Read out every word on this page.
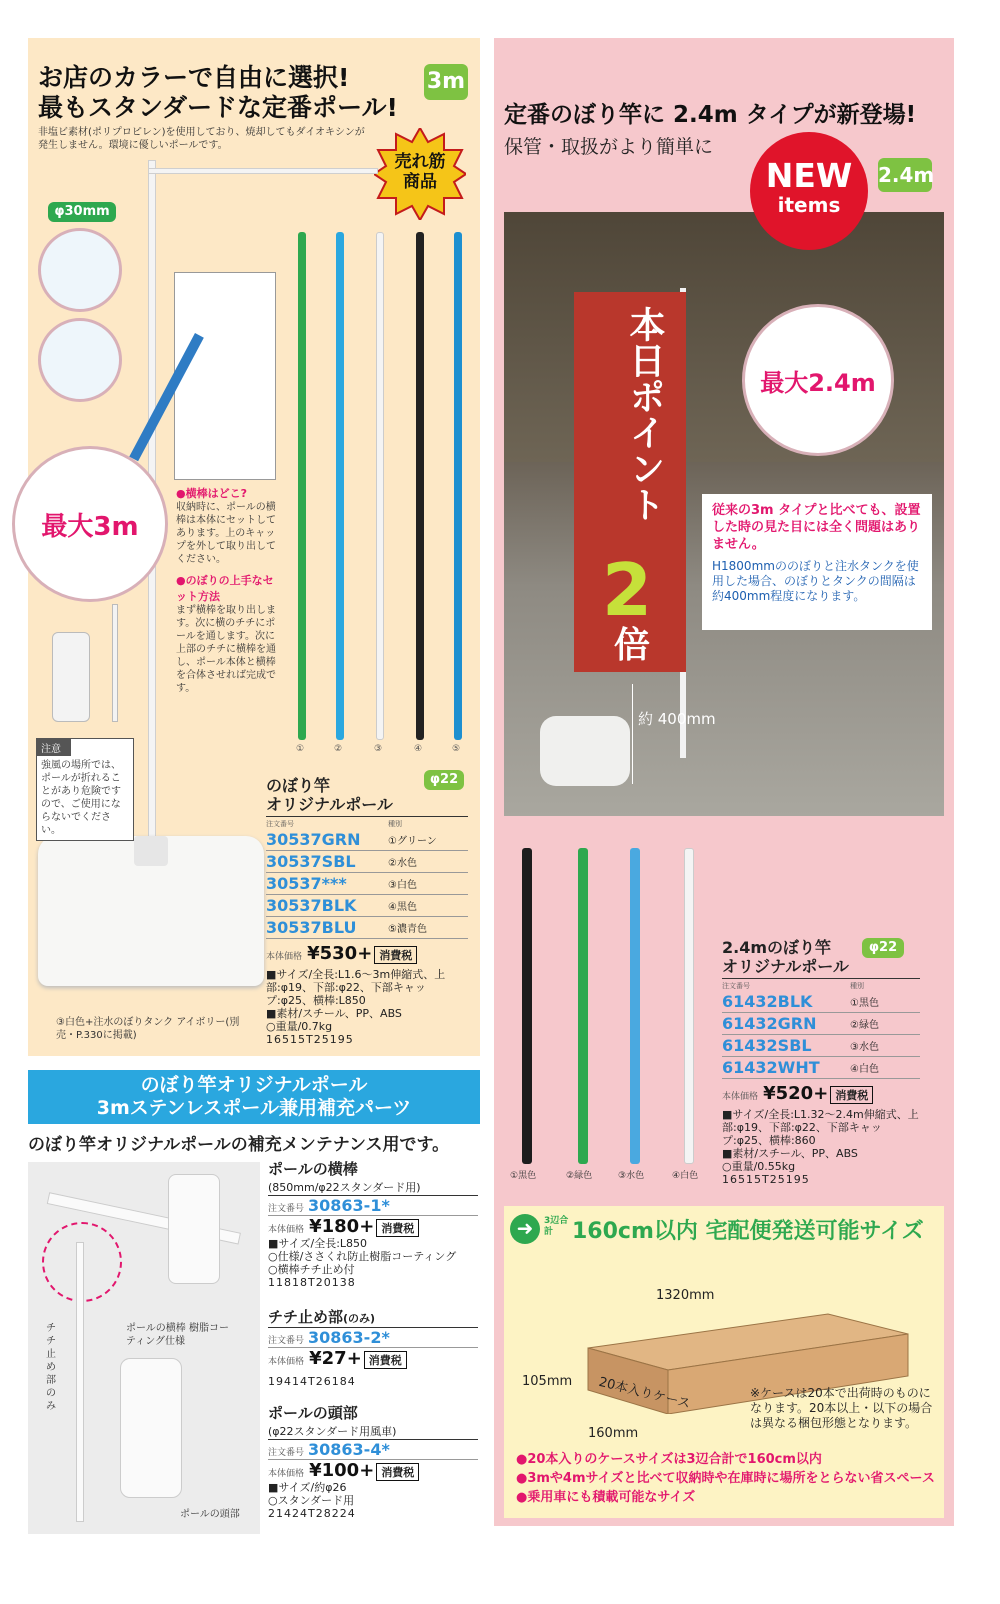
お店のカラーで自由に選択!
最もスタンダードな定番ポール!
3m
非塩ビ素材(ポリプロピレン)を使用しており、焼却してもダイオキシンが発生しません。環境に優しいポールです。
売れ筋
商品
φ30mm
最大3m
●横棒はどこ?
収納時に、ポールの横棒は本体にセットしてあります。上のキャップを外して取り出してください。
●のぼりの上手なセット方法
まず横棒を取り出します。次に横のチチにポールを通します。次に上部のチチに横棒を通し、ポール本体と横棒を合体させれば完成です。
注意
強風の場所では、ポールが折れることがあり危険ですので、ご使用にならないでください。
①	②	③	④	⑤
のぼり竿
オリジナルポール
φ22
注文番号	種別
30537GRN	①グリーン
30537SBL	②水色
30537***	③白色
30537BLK	④黒色
30537BLU	⑤濃青色
本体価格 ¥530+ 消費税
■サイズ/全長:L1.6〜3m伸縮式、上部:φ19、下部:φ22、下部キャップ:φ25、横棒:L850
■素材/スチール、PP、ABS
○重量/0.7kg
16515T25195
③白色+注水のぼりタンク アイボリー(別売・P.330に掲載)
のぼり竿オリジナルポール
3mステンレスポール兼用補充パーツ
のぼり竿オリジナルポールの補充メンテナンス用です。
チチ止め部のみ
ポールの横棒 樹脂コーティング仕様
ポールの頭部
ポールの横棒
(850mm/φ22スタンダード用)
注文番号 30863-1*
本体価格 ¥180+ 消費税
■サイズ/全長:L850
○仕様/ささくれ防止樹脂コーティング
○横棒チチ止め付
11818T20138
チチ止め部(のみ)
注文番号 30863-2*
本体価格 ¥27+ 消費税
19414T26184
ポールの頭部
(φ22スタンダード用風車)
注文番号 30863-4*
本体価格 ¥100+ 消費税
■サイズ/約φ26
○スタンダード用
21424T28224
定番のぼり竿に 2.4m タイプが新登場!
保管・取扱がより簡単に
本日ポイント
2
倍
約 400mm
NEW
items
2.4m
最大2.4m
従来の3m タイプと比べても、設置した時の見た目には全く問題はありません。
H1800mmののぼりと注水タンクを使用した場合、のぼりとタンクの間隔は約400mm程度になります。
①黒色	②緑色	③水色	④白色
2.4mのぼり竿
オリジナルポール
φ22
注文番号	種別
61432BLK	①黒色
61432GRN	②緑色
61432SBL	③水色
61432WHT	④白色
本体価格 ¥520+ 消費税
■サイズ/全長:L1.32〜2.4m伸縮式、上部:φ19、下部:φ22、下部キャップ:φ25、横棒:860
■素材/スチール、PP、ABS
○重量/0.55kg
16515T25195
➜	3辺合計 160cm以内 宅配便発送可能サイズ
20本入りケース
1320mm
105mm
160mm
※ケースは20本で出荷時のものになります。20本以上・以下の場合は異なる梱包形態となります。
●20本入りのケースサイズは3辺合計で160cm以内
●3mや4mサイズと比べて収納時や在庫時に場所をとらない省スペース
●乗用車にも積載可能なサイズ
